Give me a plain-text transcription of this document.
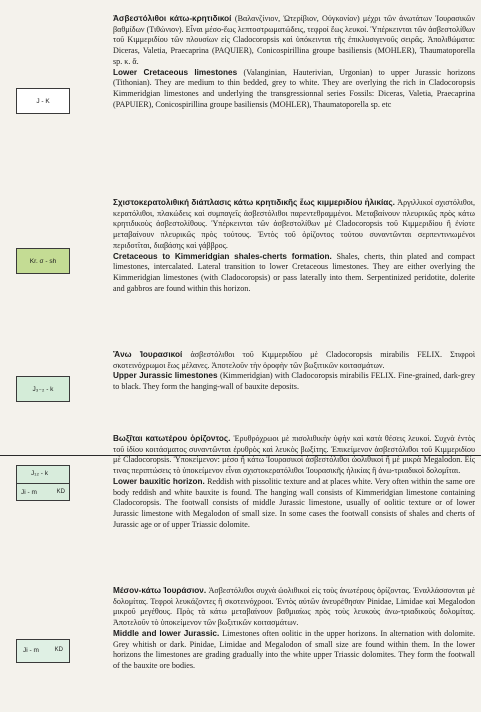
J - K

Ἀσβεστόλιθοι κάτω-κρητιδικοί (Βαλανζίνιον, Ὠτερίβιον, Οὐγκονίον) μέχρι τῶν ἀνωτάτων Ἰουρασικῶν βαθμίδων (Τιθώνιον). Εἶναι μέσο-ἕως λεπτοστρωματώδεις, τεφροί ἕως λευκοί. Ὑπέρκεινται τῶν ἀσβεστολίθων τοῦ Κιμμεριδίου τῶν πλουσίων εἰς Cladocoropsis καὶ ὑπόκεινται τῆς ἐπικλυσιγενοῦς σειρᾶς. Ἀπολιθώματα: Diceras, Valetia, Praecaprina (PAQUIER), Conicospirillina groupe basiliensis (MOHLER), Thaumatoporella sp. κ. ἄ.
Lower Cretaceous limestones (Valanginian, Hauterivian, Urgonian) to upper Jurassic horizons (Tithonian). They are medium to thin bedded, grey to white. They are overlying the rich in Cladocoropsis Kimmeridgian limestones and underlying the transgressionnal series Fossils: Diceras, Valetia, Praecaprina (PAPUIER), Conicospirillina groupe basiliensis (MOHLER), Thaumatoporella sp. etc

Kr. σ - sh

Σχιστοκερατολιθική διάπλασις κάτω κρητιδικῆς ἕως κιμμεριδίου ἡλικίας. Ἀργιλλικοί σχιστόλιθοι, κερατόλιθοι, πλακώδεις καὶ συμπαγεῖς ἀσβεστόλιθοι παρεντεθραμμένοι. Μεταβαίνουν πλευρικῶς πρὸς κάτω κρητιδικοὺς ἀσβεστολίθους. Ὑπέρκεινται τῶν ἀσβεστολίθων μὲ Cladocoropsis τοῦ Κιμμεριδίου ἢ ἐνίοτε μεταβαίνουν πλευρικῶς πρὸς τούτους. Ἐντὸς τοῦ ὁρίζοντος τούτου συναντῶνται σερπεντινιωμένοι περιδοτῖται, διαβάσης καὶ γάββρος.
Cretaceous to Kimmeridgian shales-cherts formation. Shales, cherts, thin plated and compact limestones, intercalated. Lateral transition to lower Cretaceous limestones. They are either overlying the Kimmeridgian limestones (with Cladocoropsis) or pass laterally into them. Serpentinized peridotite, dolerite and gabbros are found within this horizon.

J₃₋₂ - k

Ἄνω Ἰουρασικοί ἀσβεστόλιθοι τοῦ Κιμμεριδίου μὲ Cladocoropsis mirabilis FELIX. Στιφροὶ σκοτεινόχρωμοι ἕως μέλανες. Ἀποτελοῦν τὴν ὀροφὴν τῶν βωξιτικῶν κοιτασμάτων.
Upper Jurassic limestones (Kimmeridgian) with Cladocoropsis mirabilis FELIX. Fine-grained, dark-grey to black. They form the hanging-wall of bauxite deposits.

J₁₂ - k
Ji - m	KD

Βωξῖται κατωτέρου ὁρίζοντος. Ἐρυθρόχρωοι μὲ πισολιθικὴν ὑφὴν καὶ κατὰ θέσεις λευκοί. Συχνὰ ἐντὸς τοῦ ἰδίου κοιτάσματος συναντῶνται ἐρυθρὸς καὶ λευκὸς βωξίτης. Ἐπικείμενον ἀσβεστόλιθοι τοῦ Κιμμεριδίου μὲ Cladocoropsis. Ὑποκείμενον: μέσο ἢ κάτω Ἰουρασικοὶ ἀσβεστόλιθοι ὠολιθικοὶ ἢ μὲ μικρὰ Megalodon. Εἰς τινας περιπτώσεις τὸ ὑποκείμενον εἶναι σχιστοκερατόλιθοι Ἰουρασικῆς ἡλικίας ἢ ἀνω-τριαδικοὶ δολομῖται.
Lower bauxitic horizon. Reddish with pissolitic texture and at places white. Very often within the same ore body reddish and white bauxite is found. The hanging wall consists of Kimmeridgian limestone containing Cladocoropsis. The footwall consists of middle Jurassic limestone, usually of oolitic texture or of lower Jurassic limestone with Megalodon of small size. In some cases the footwall consists of shales and cherts of Jurassic age or of upper Triassic dolomite.

Ji - m	KD

Μέσον-κάτω Ἰουράσιον. Ἀσβεστόλιθοι συχνὰ ὠολιθικοὶ εἰς τοὺς ἀνωτέρους ὁρίζοντας. Ἐναλλάσσονται μὲ δολομίτας. Τεφροὶ λευκάζοντες ἢ σκοτεινόχροοι. Ἐντὸς αὐτῶν ἀνευρέθησαν Pinidae, Limidae καὶ Megalodon μικροῦ μεγέθους. Πρὸς τὰ κάτω μεταβαίνουν βαθμιαίως πρὸς τοὺς λευκοὺς ἀνω-τριαδικοὺς δολομίτας. Ἀποτελοῦν τὸ ὑποκείμενον τῶν βωξιτικῶν κοιτασμάτων.
Middle and lower Jurassic. Limestones often oolitic in the upper horizons. In alternation with dolomite. Grey whitish or dark. Pinidae, Limidae and Megalodon of small size are found within them. In the lower horizons the limestones are grading gradually into the white upper Triassic dolomites. They form the footwall of the bauxite ore bodies.
